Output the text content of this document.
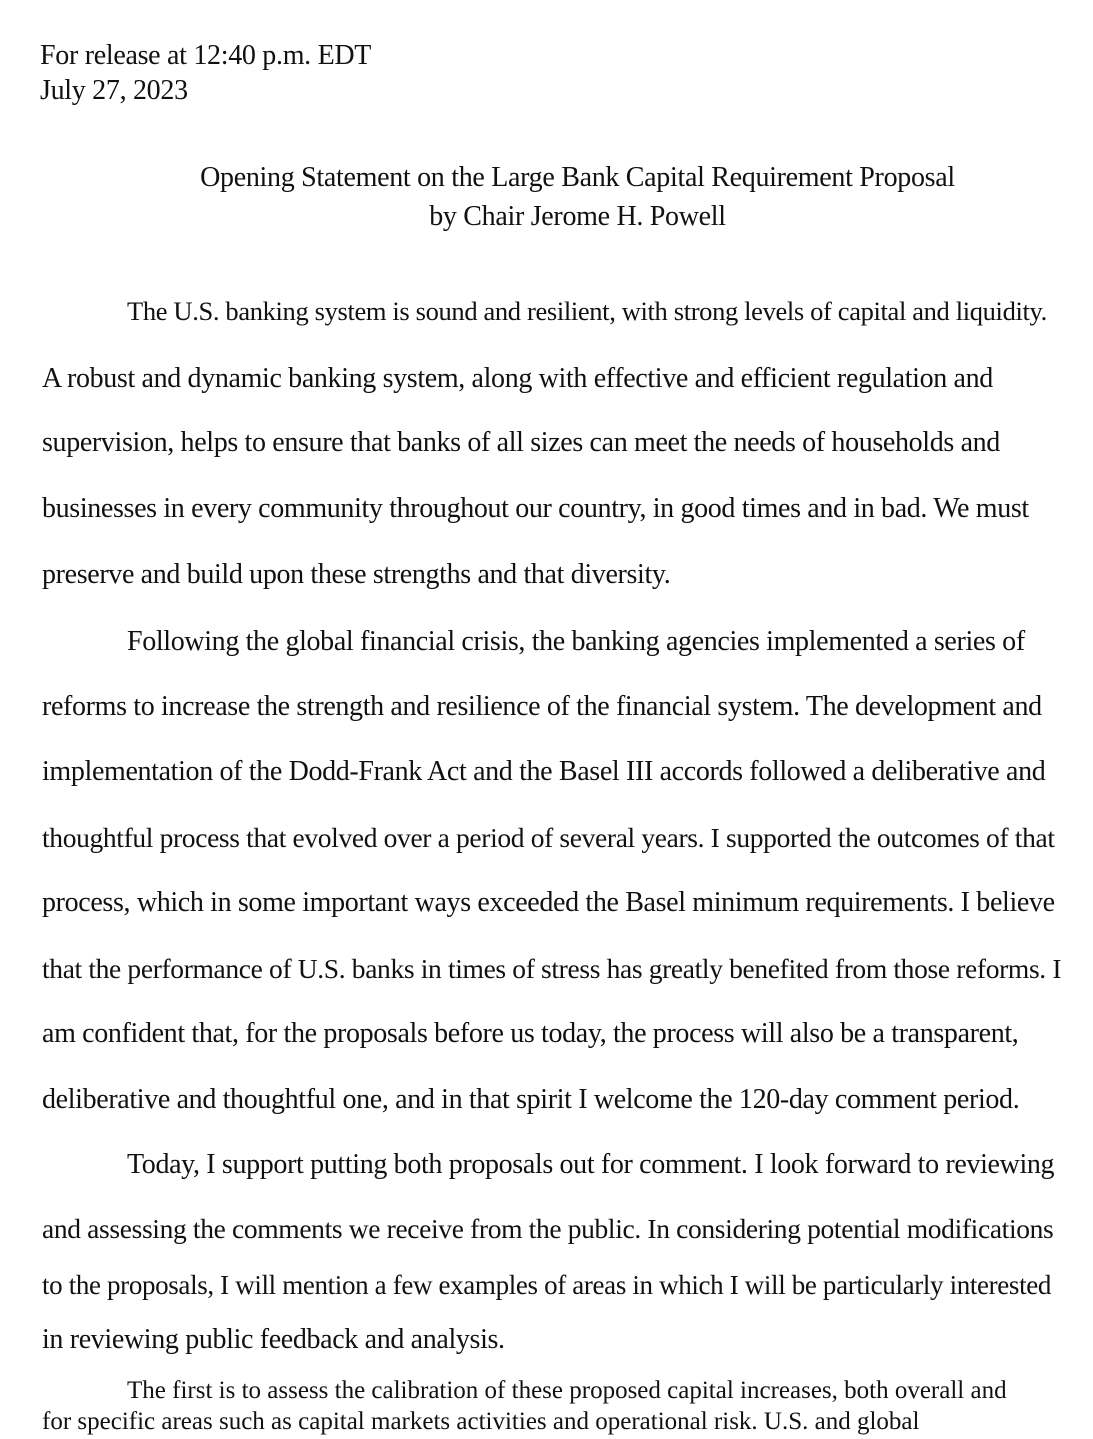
For release at 12:40 p.m. EDT
July 27, 2023
Opening Statement on the Large Bank Capital Requirement Proposal
by Chair Jerome H. Powell
The U.S. banking system is sound and resilient, with strong levels of capital and liquidity.
A robust and dynamic banking system, along with effective and efficient regulation and
supervision, helps to ensure that banks of all sizes can meet the needs of households and
businesses in every community throughout our country, in good times and in bad. We must
preserve and build upon these strengths and that diversity.
Following the global financial crisis, the banking agencies implemented a series of
reforms to increase the strength and resilience of the financial system. The development and
implementation of the Dodd-Frank Act and the Basel III accords followed a deliberative and
thoughtful process that evolved over a period of several years. I supported the outcomes of that
process, which in some important ways exceeded the Basel minimum requirements. I believe
that the performance of U.S. banks in times of stress has greatly benefited from those reforms. I
am confident that, for the proposals before us today, the process will also be a transparent,
deliberative and thoughtful one, and in that spirit I welcome the 120-day comment period.
Today, I support putting both proposals out for comment. I look forward to reviewing
and assessing the comments we receive from the public. In considering potential modifications
to the proposals, I will mention a few examples of areas in which I will be particularly interested
in reviewing public feedback and analysis.
The first is to assess the calibration of these proposed capital increases, both overall and
for specific areas such as capital markets activities and operational risk. U.S. and global
